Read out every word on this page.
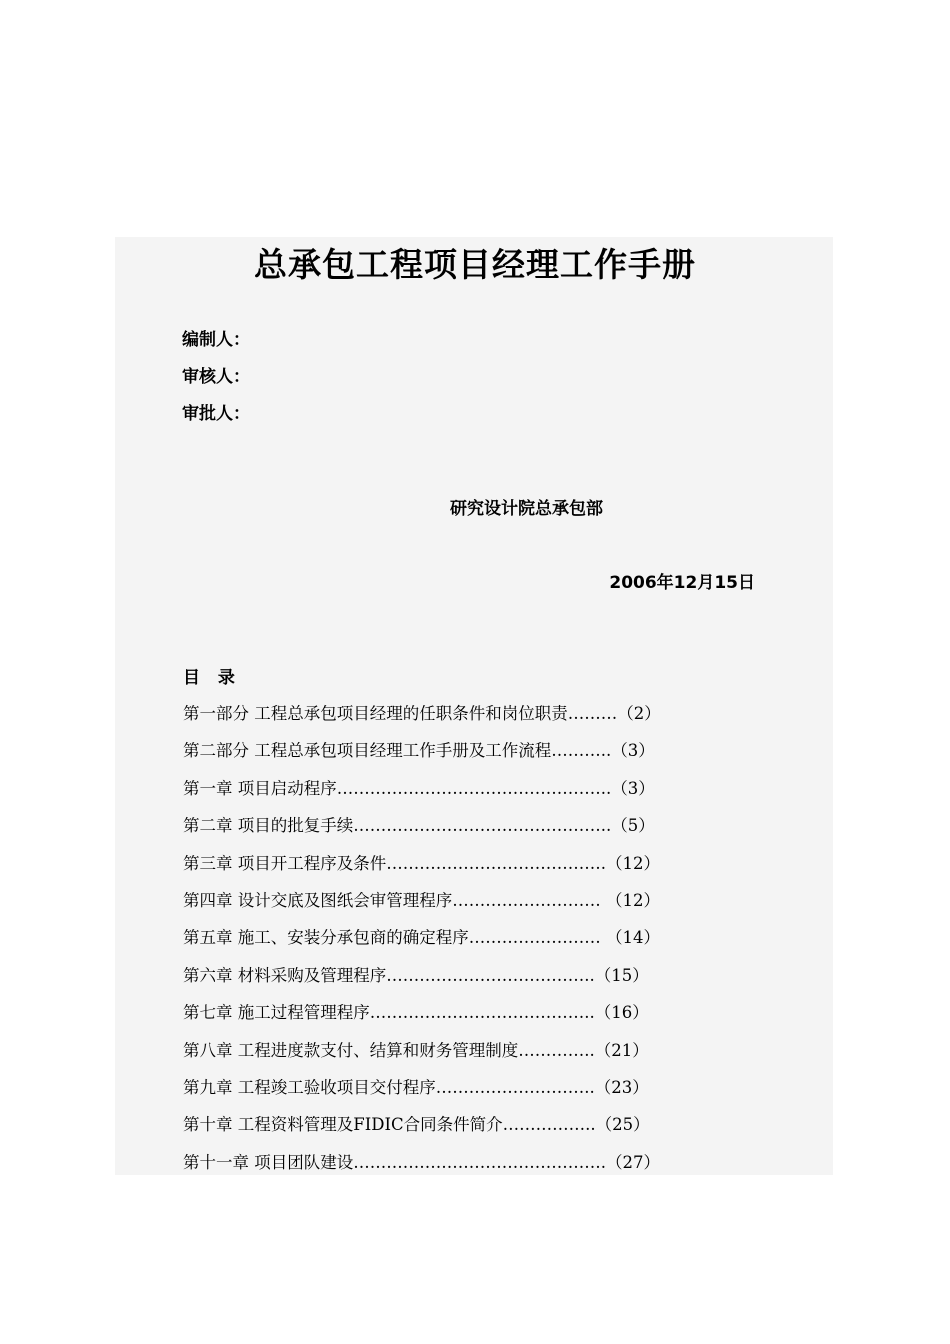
总承包工程项目经理工作手册
编制人：
审核人：
审批人：
研究设计院总承包部
2006年12月15日
目 录
第一部分 工程总承包项目经理的任职条件和岗位职责………（2）
第二部分 工程总承包项目经理工作手册及工作流程………..（3）
第一章 项目启动程序…………………………………………..（3）
第二章 项目的批复手续………………………………………..（5）
第三章 项目开工程序及条件………………………………….（12）
第四章 设计交底及图纸会审管理程序……………………… （12）
第五章 施工、安装分承包商的确定程序…………………… （14）
第六章 材料采购及管理程序………………………………..（15）
第七章 施工过程管理程序…………………………………..（16）
第八章 工程进度款支付、结算和财务管理制度…………..（21）
第九章 工程竣工验收项目交付程序………………………..（23）
第十章 工程资料管理及FIDIC合同条件简介……………..（25）
第十一章 项目团队建设……………………………………….（27）
